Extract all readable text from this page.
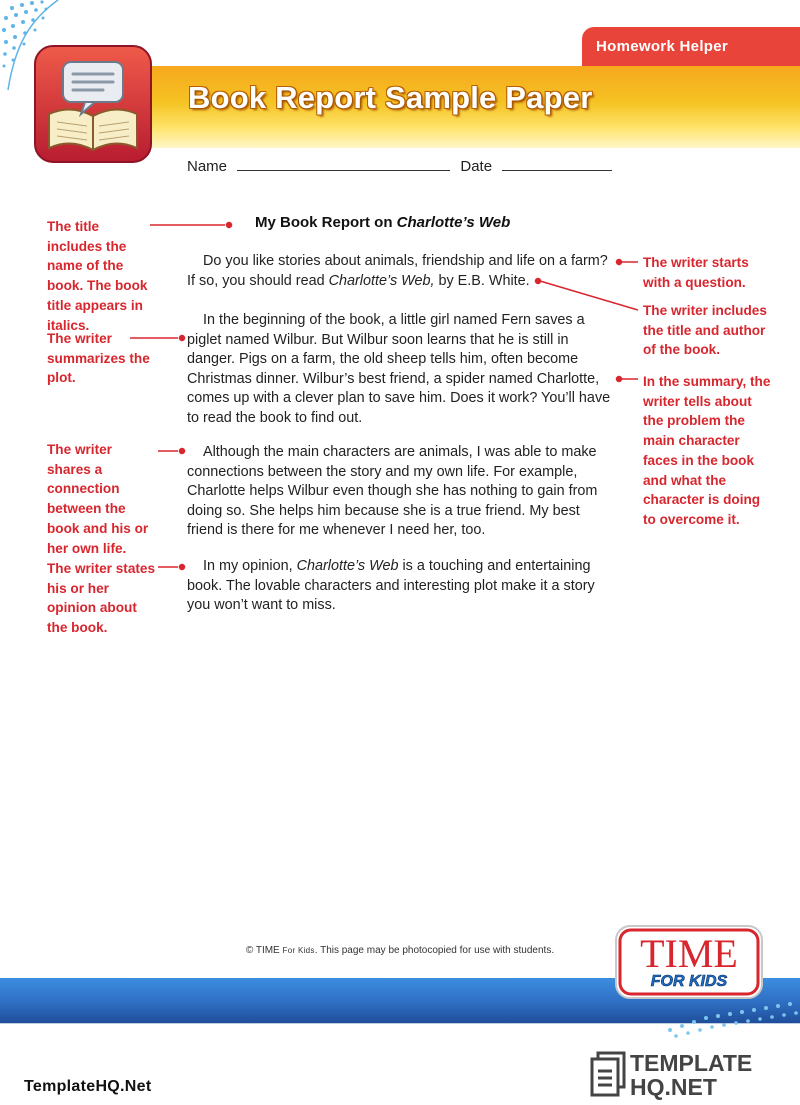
Homework Helper
Book Report Sample Paper
Name	Date
My Book Report on Charlotte’s Web
Do you like stories about animals, friendship and life on a farm? If so, you should read Charlotte’s Web, by E.B. White.
In the beginning of the book, a little girl named Fern saves a piglet named Wilbur. But Wilbur soon learns that he is still in danger. Pigs on a farm, the old sheep tells him, often become Christmas dinner. Wilbur’s best friend, a spider named Charlotte, comes up with a clever plan to save him. Does it work? You’ll have to read the book to find out.
Although the main characters are animals, I was able to make connections between the story and my own life. For example, Charlotte helps Wilbur even though she has nothing to gain from doing so. She helps him because she is a true friend. My best friend is there for me whenever I need her, too.
In my opinion, Charlotte’s Web is a touching and entertaining book. The lovable characters and interesting plot make it a story you won’t want to miss.
The title includes the name of the book. The book title appears in italics.
The writer summarizes the plot.
The writer shares a connection between the book and his or her own life.
The writer states his or her opinion about the book.
The writer starts with a question.
The writer includes the title and author of the book.
In the summary, the writer tells about the problem the main character faces in the book and what the character is doing to overcome it.
© TIME For Kids. This page may be photocopied for use with students.	TIME
FOR KIDS
TemplateHQ.Net
TEMPLATE
HQ.NET
